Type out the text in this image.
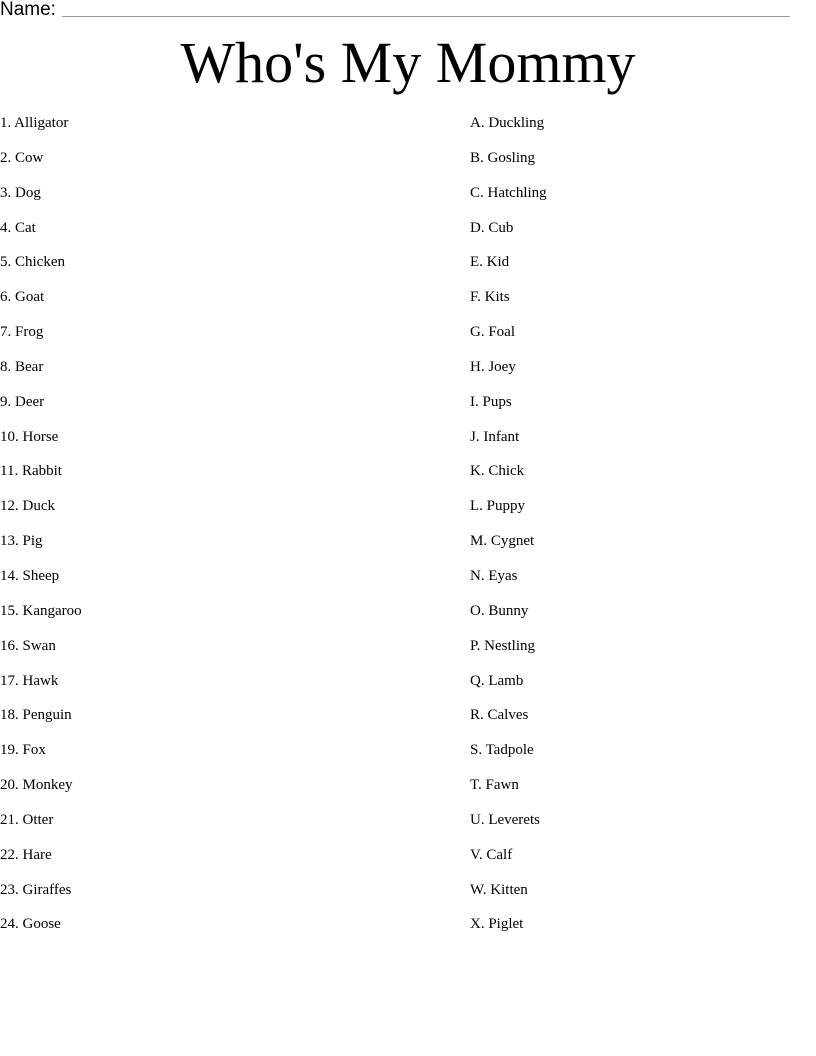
Name:
Who's My Mommy
1. Alligator
2. Cow
3. Dog
4. Cat
5. Chicken
6. Goat
7. Frog
8. Bear
9. Deer
10. Horse
11. Rabbit
12. Duck
13. Pig
14. Sheep
15. Kangaroo
16. Swan
17. Hawk
18. Penguin
19. Fox
20. Monkey
21. Otter
22. Hare
23. Giraffes
24. Goose
A. Duckling
B. Gosling
C. Hatchling
D. Cub
E. Kid
F. Kits
G. Foal
H. Joey
I. Pups
J. Infant
K. Chick
L. Puppy
M. Cygnet
N. Eyas
O. Bunny
P. Nestling
Q. Lamb
R. Calves
S. Tadpole
T. Fawn
U. Leverets
V. Calf
W. Kitten
X. Piglet
